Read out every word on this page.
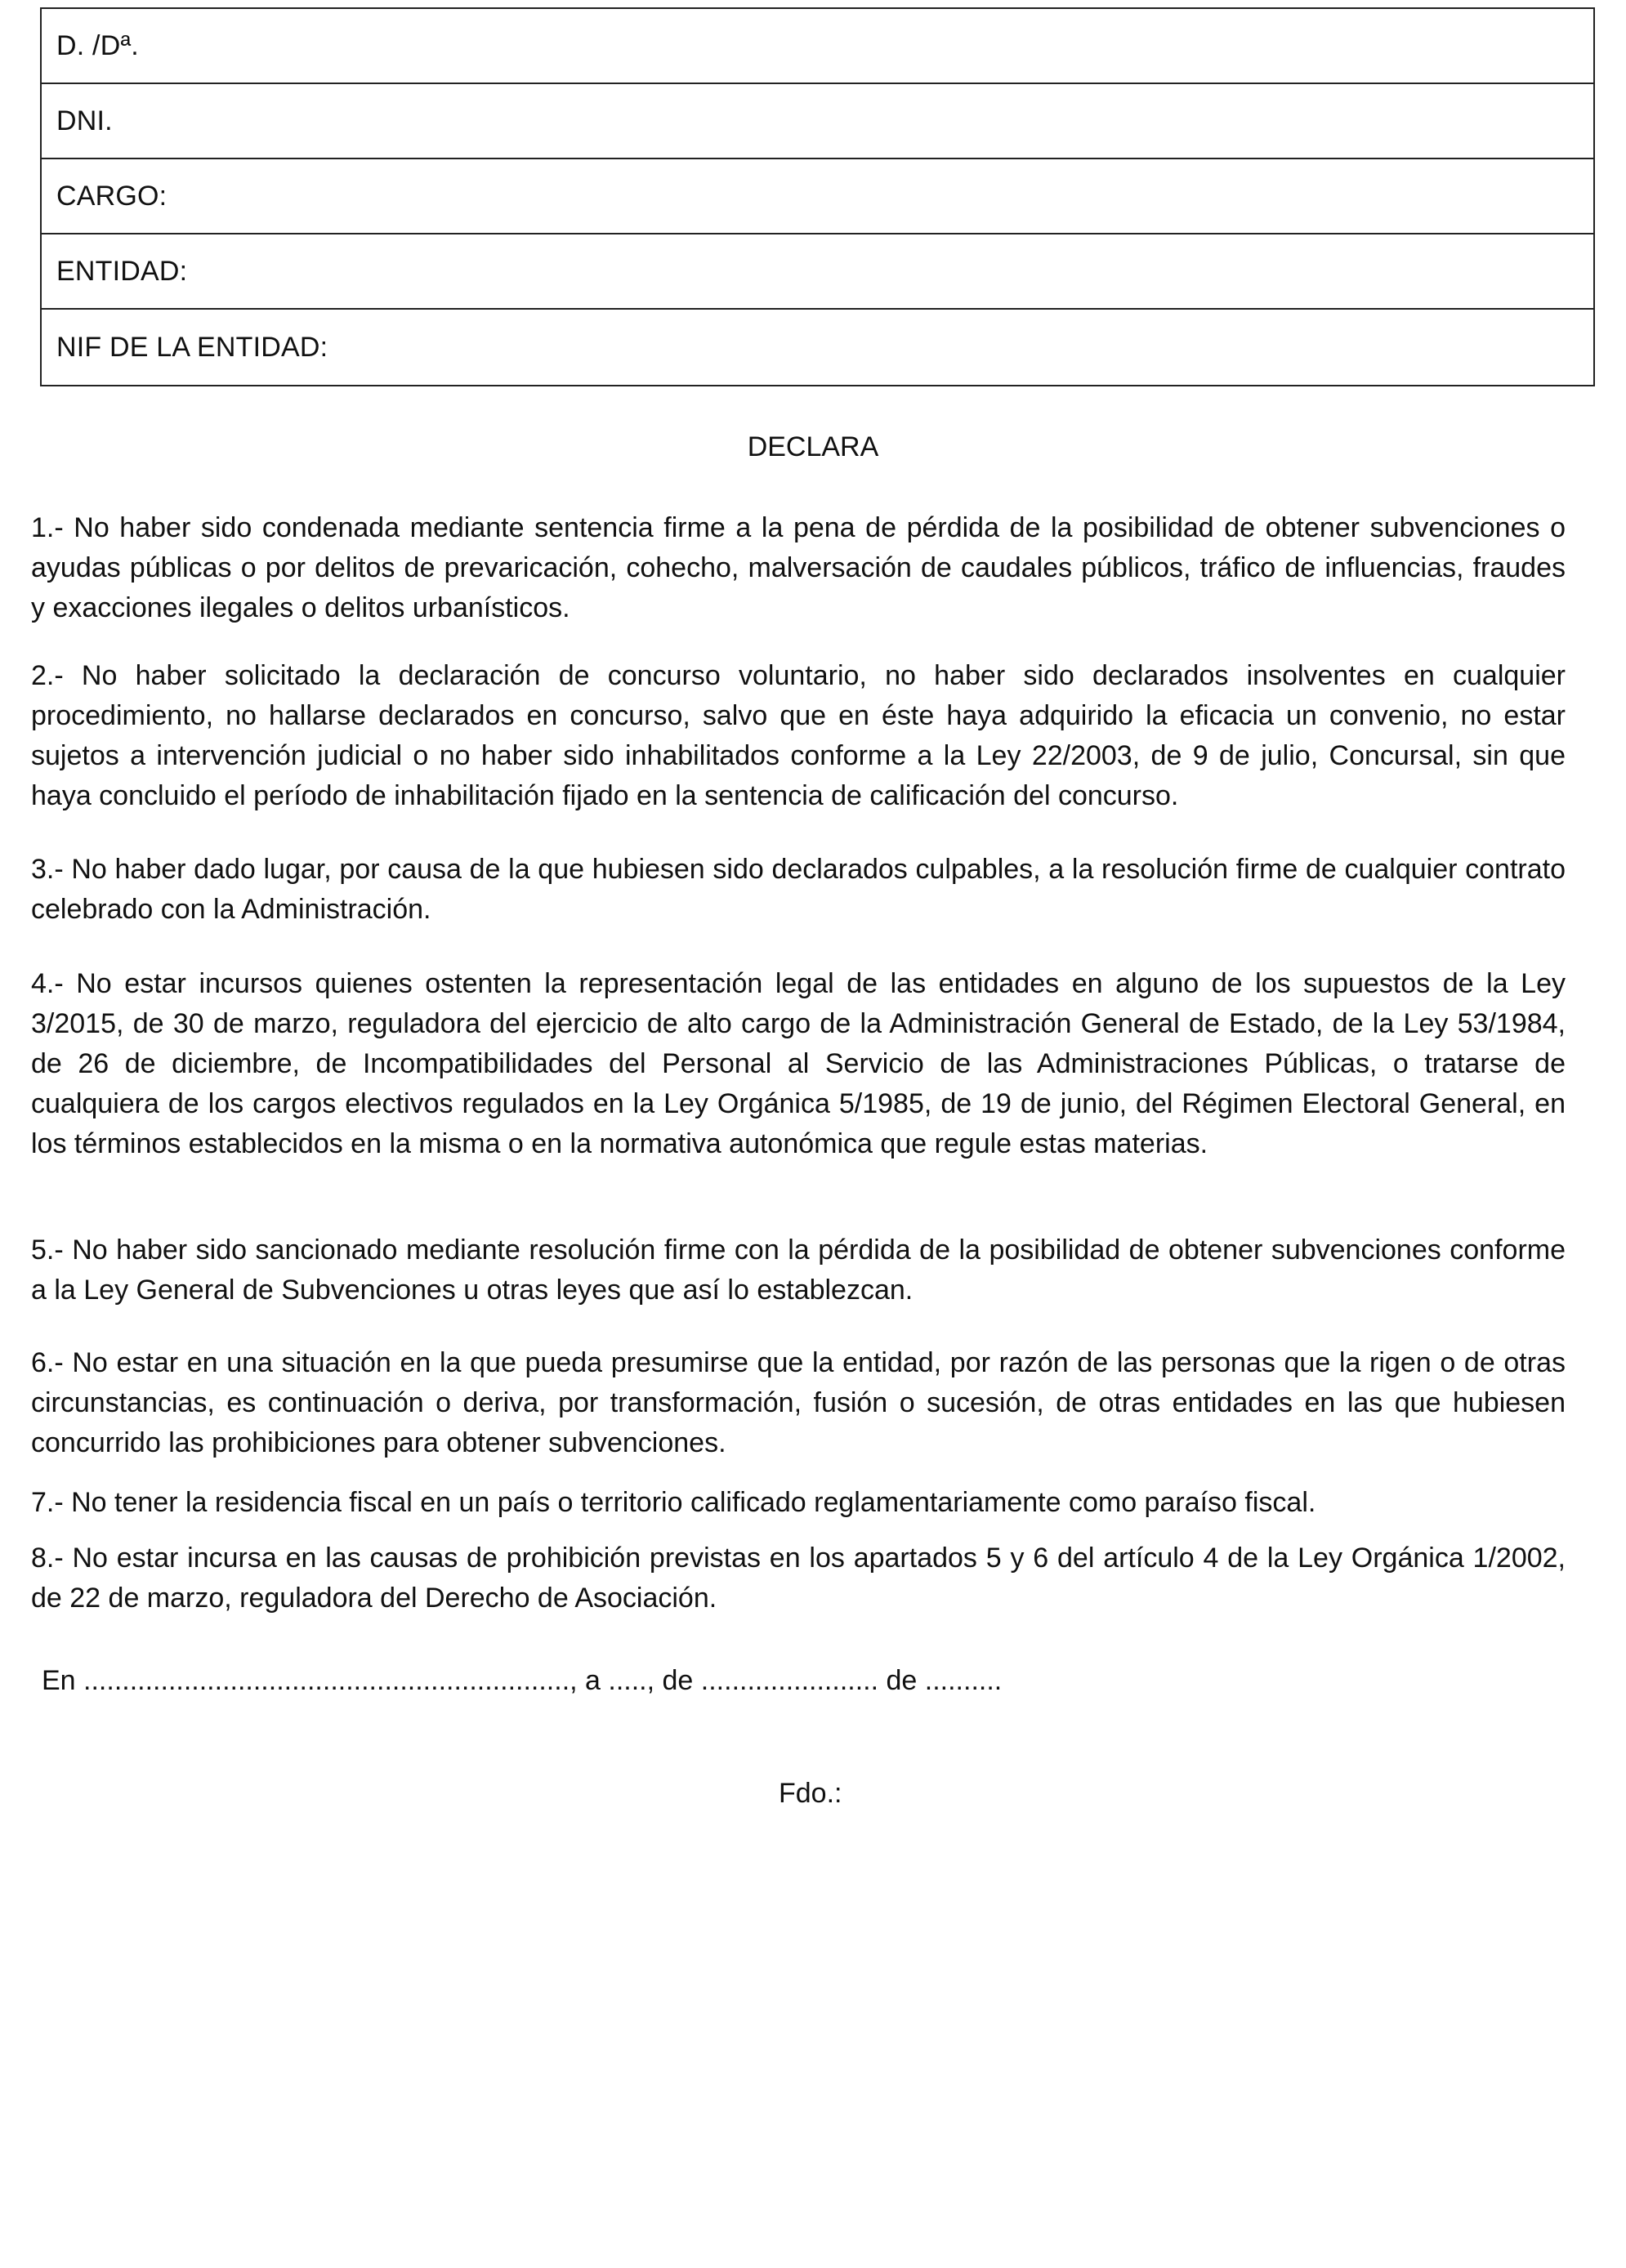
D. /Dª.
DNI.
CARGO:
ENTIDAD:
NIF DE LA ENTIDAD:
DECLARA

1.- No haber sido condenada mediante sentencia firme a la pena de pérdida de la posibilidad de obtener subvenciones o ayudas públicas o por delitos de prevaricación, cohecho, malversación de caudales públicos, tráfico de influencias, fraudes y exacciones ilegales o delitos urbanísticos.

2.- No haber solicitado la declaración de concurso voluntario, no haber sido declarados insolventes en cualquier procedimiento, no hallarse declarados en concurso, salvo que en éste haya adquirido la eficacia un convenio, no estar sujetos a intervención judicial o no haber sido inhabilitados conforme a la Ley 22/2003, de 9 de julio, Concursal, sin que haya concluido el período de inhabilitación fijado en la sentencia de calificación del concurso.

3.- No haber dado lugar, por causa de la que hubiesen sido declarados culpables, a la resolución firme de cualquier contrato celebrado con la Administración.

4.- No estar incursos quienes ostenten la representación legal de las entidades en alguno de los supuestos de la Ley 3/2015, de 30 de marzo, reguladora del ejercicio de alto cargo de la Administración General de Estado, de la Ley 53/1984, de 26 de diciembre, de Incompatibilidades del Personal al Servicio de las Administraciones Públicas, o tratarse de cualquiera de los cargos electivos regulados en la Ley Orgánica 5/1985, de 19 de junio, del Régimen Electoral General, en los términos establecidos en la misma o en la normativa autonómica que regule estas materias.

5.- No haber sido sancionado mediante resolución firme con la pérdida de la posibilidad de obtener subvenciones conforme a la Ley General de Subvenciones u otras leyes que así lo establezcan.

6.- No estar en una situación en la que pueda presumirse que la entidad, por razón de las personas que la rigen o de otras circunstancias, es continuación o deriva, por transformación, fusión o sucesión, de otras entidades en las que hubiesen concurrido las prohibiciones para obtener subvenciones.

7.- No tener la residencia fiscal en un país o territorio calificado reglamentariamente como paraíso fiscal.

8.- No estar incursa en las causas de prohibición previstas en los apartados 5 y 6 del artículo 4 de la Ley Orgánica 1/2002, de 22 de marzo, reguladora del Derecho de Asociación.

En ..............................................................., a ....., de ....................... de ..........
Fdo.:
